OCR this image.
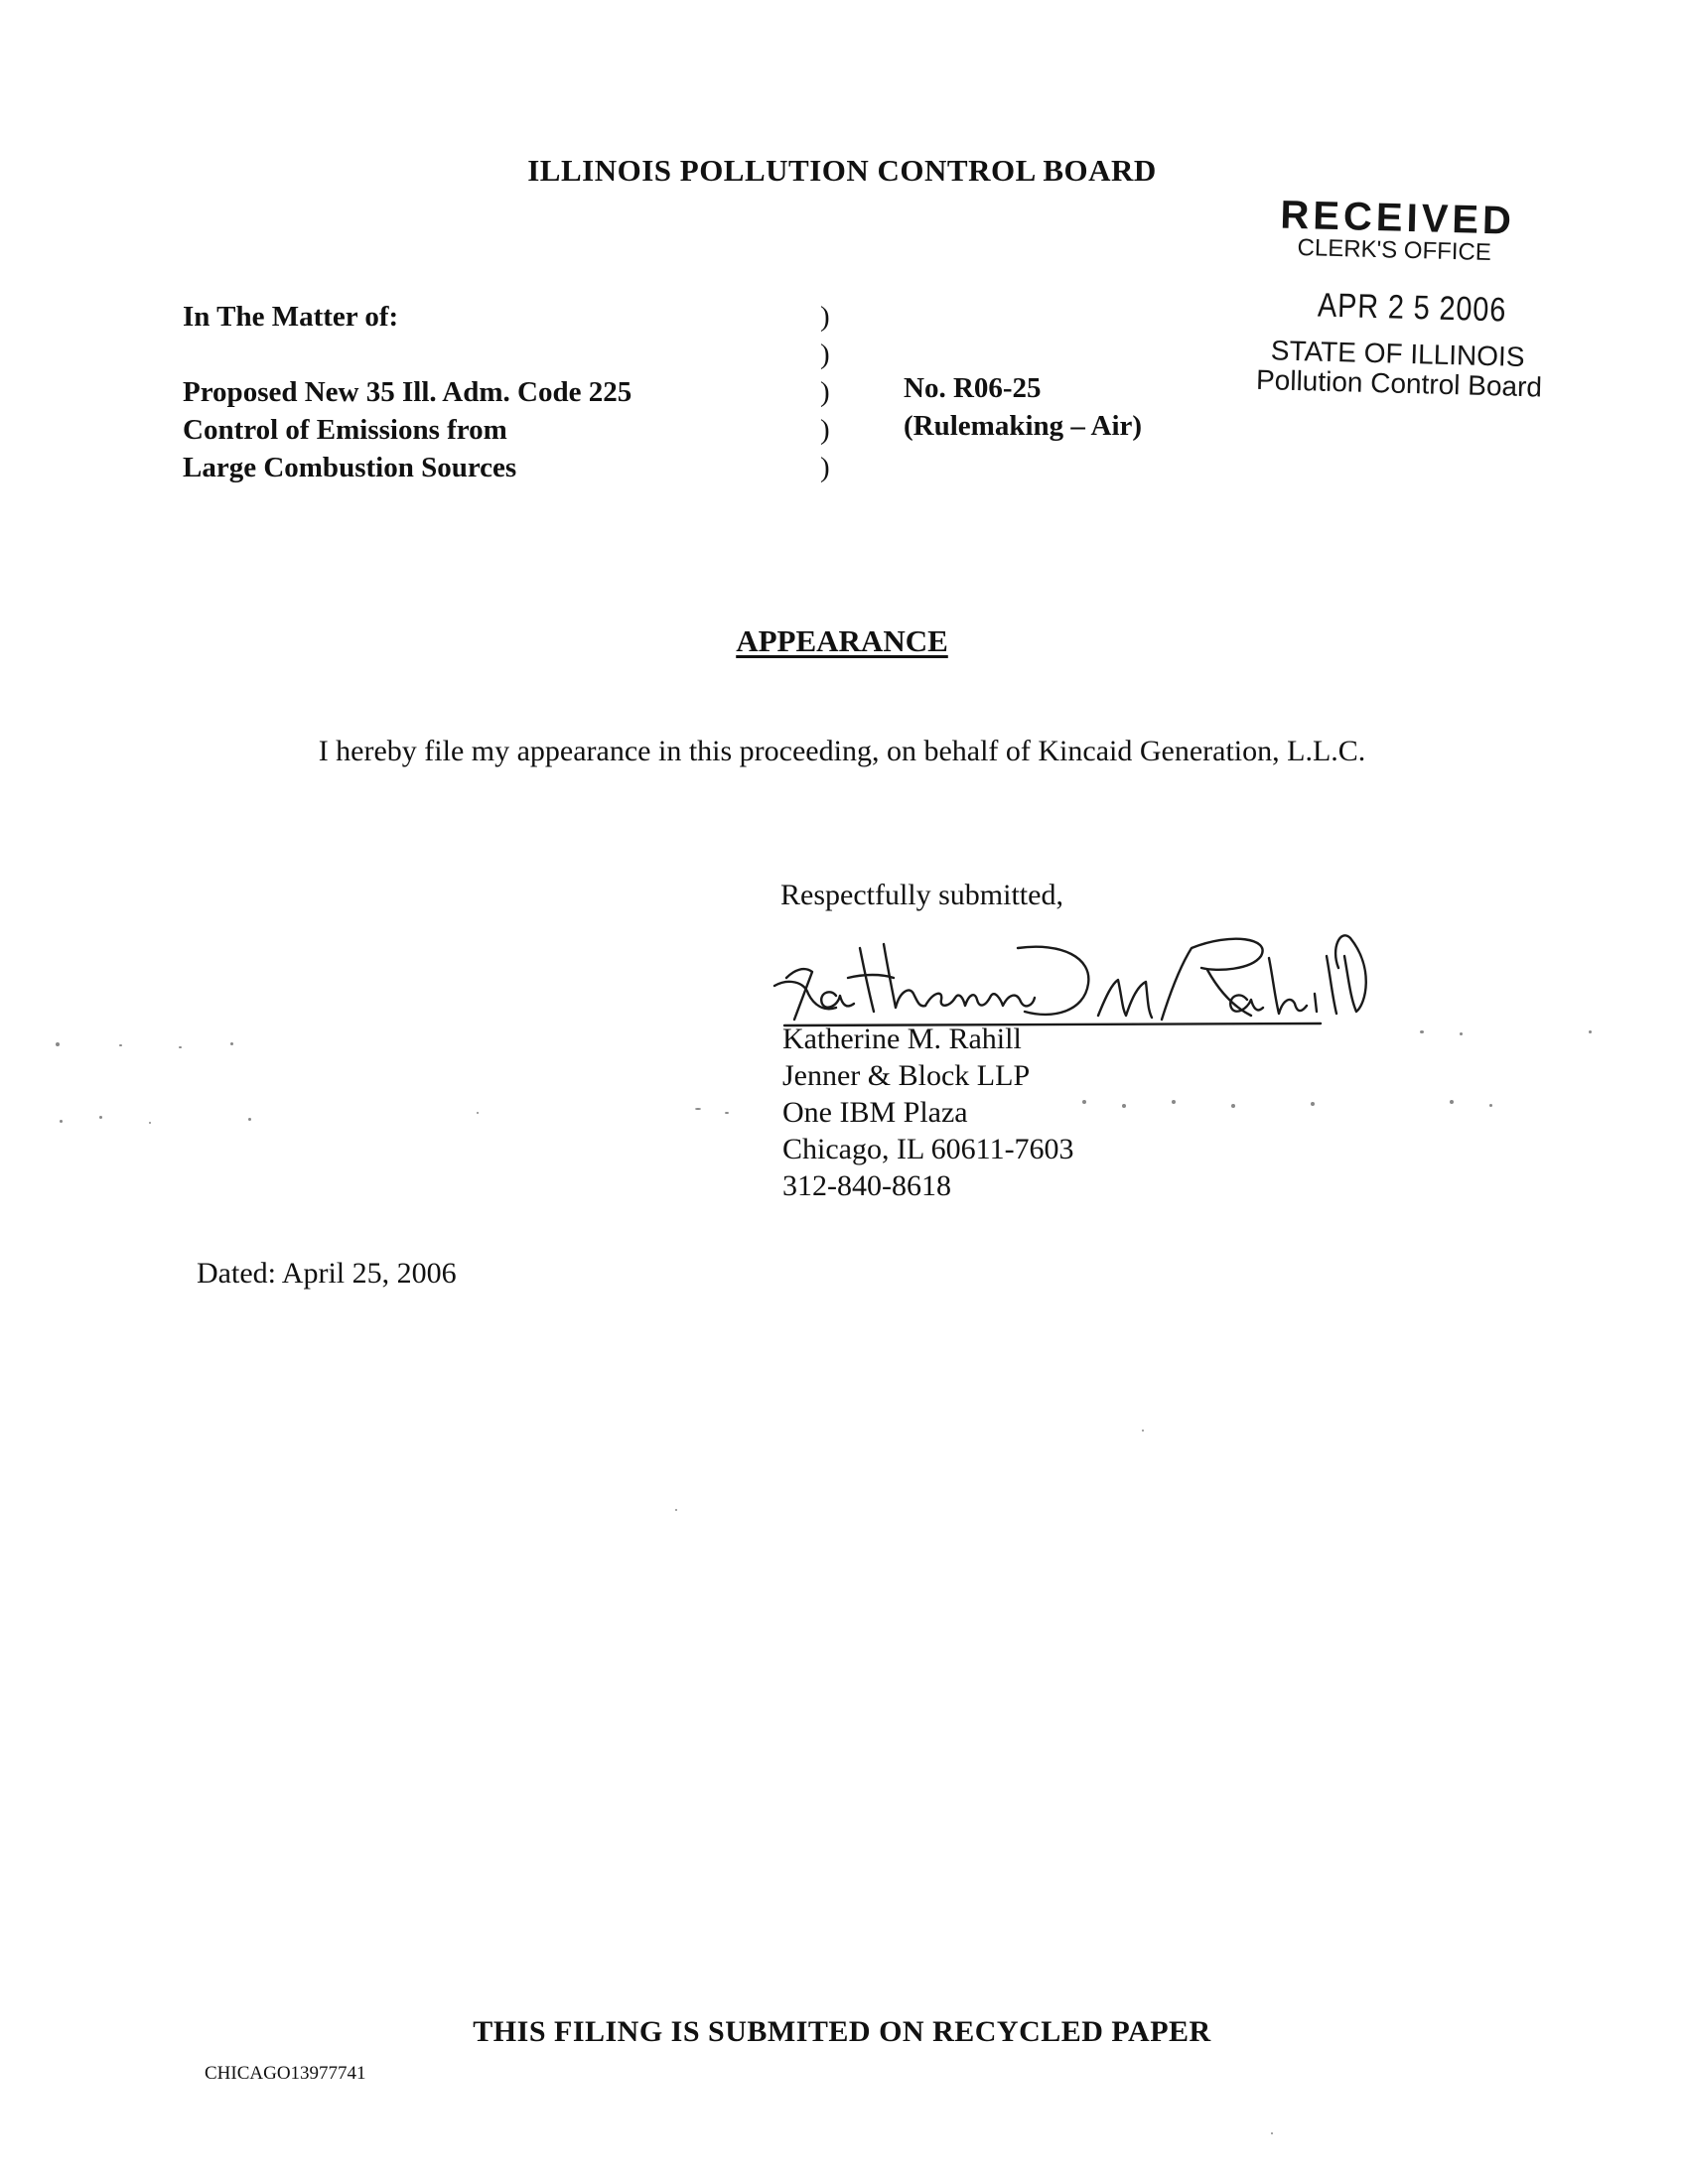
ILLINOIS POLLUTION CONTROL BOARD
RECEIVED
CLERK'S OFFICE
APR 2 5 2006
STATE OF ILLINOIS
Pollution Control Board
In The Matter of:
Proposed New 35 Ill. Adm. Code 225
Control of Emissions from
Large Combustion Sources
)
)
)
)
)
No. R06-25
(Rulemaking – Air)
APPEARANCE
I hereby file my appearance in this proceeding, on behalf of Kincaid Generation, L.L.C.
Respectfully submitted,
Katherine M. Rahill
Jenner & Block LLP
One IBM Plaza
Chicago, IL 60611-7603
312-840-8618
Dated: April 25, 2006
THIS FILING IS SUBMITED ON RECYCLED PAPER
CHICAGO13977741
